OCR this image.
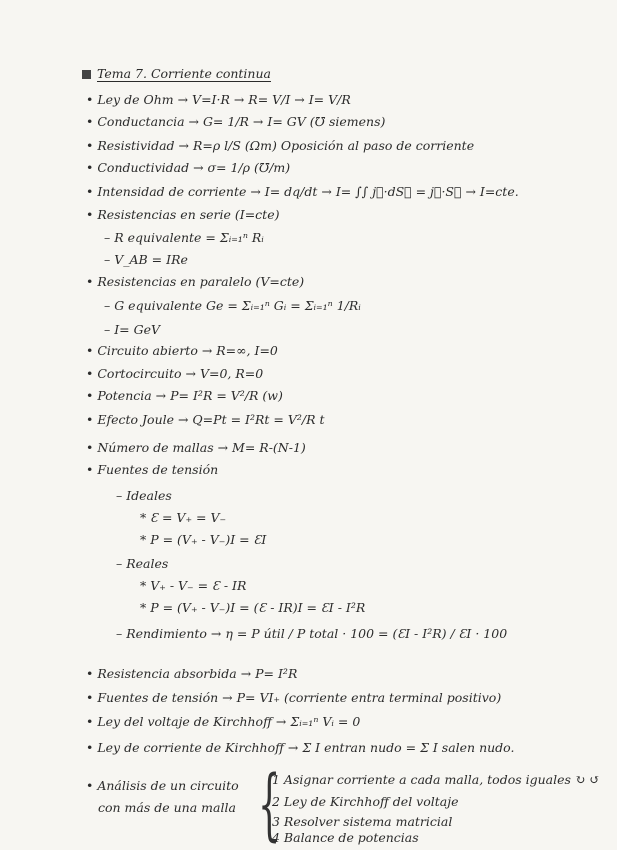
Tema 7. Corriente continua
• Ley de Ohm → V=I·R → R= V/I → I= V/R
• Conductancia → G= 1/R → I= GV (℧ siemens)
• Resistividad → R=ρ l/S (Ωm) Oposición al paso de corriente
• Conductividad → σ= 1/ρ (℧/m)
• Intensidad de corriente → I= dq/dt → I= ∫∫ j⃗·dS⃗ = j⃗·S⃗ → I=cte.
• Resistencias en serie (I=cte)
– R equivalente = Σᵢ₌₁ⁿ Rᵢ
– V_AB = IRe
• Resistencias en paralelo (V=cte)
– G equivalente Ge = Σᵢ₌₁ⁿ Gᵢ = Σᵢ₌₁ⁿ 1/Rᵢ
– I= GeV
• Circuito abierto → R=∞, I=0
• Cortocircuito → V=0, R=0
• Potencia → P= I²R = V²/R (w)
• Efecto Joule → Q=Pt = I²Rt = V²/R t
• Número de mallas → M= R-(N-1)
• Fuentes de tensión
– Ideales
* Ɛ = V₊ = V₋
* P = (V₊ - V₋)I = ƐI
– Reales
* V₊ - V₋ = Ɛ - IR
* P = (V₊ - V₋)I = (Ɛ - IR)I = ƐI - I²R
– Rendimiento → η = P útil / P total · 100 = (ƐI - I²R) / ƐI · 100
• Resistencia absorbida → P= I²R
• Fuentes de tensión → P= VI₊ (corriente entra terminal positivo)
• Ley del voltaje de Kirchhoff → Σᵢ₌₁ⁿ Vᵢ = 0
• Ley de corriente de Kirchhoff → Σ I entran nudo = Σ I salen nudo.
• Análisis de un circuito
con más de una malla {
1 Asignar corriente a cada malla, todos iguales ↻ ↺
2 Ley de Kirchhoff del voltaje
3 Resolver sistema matricial
4 Balance de potencias
